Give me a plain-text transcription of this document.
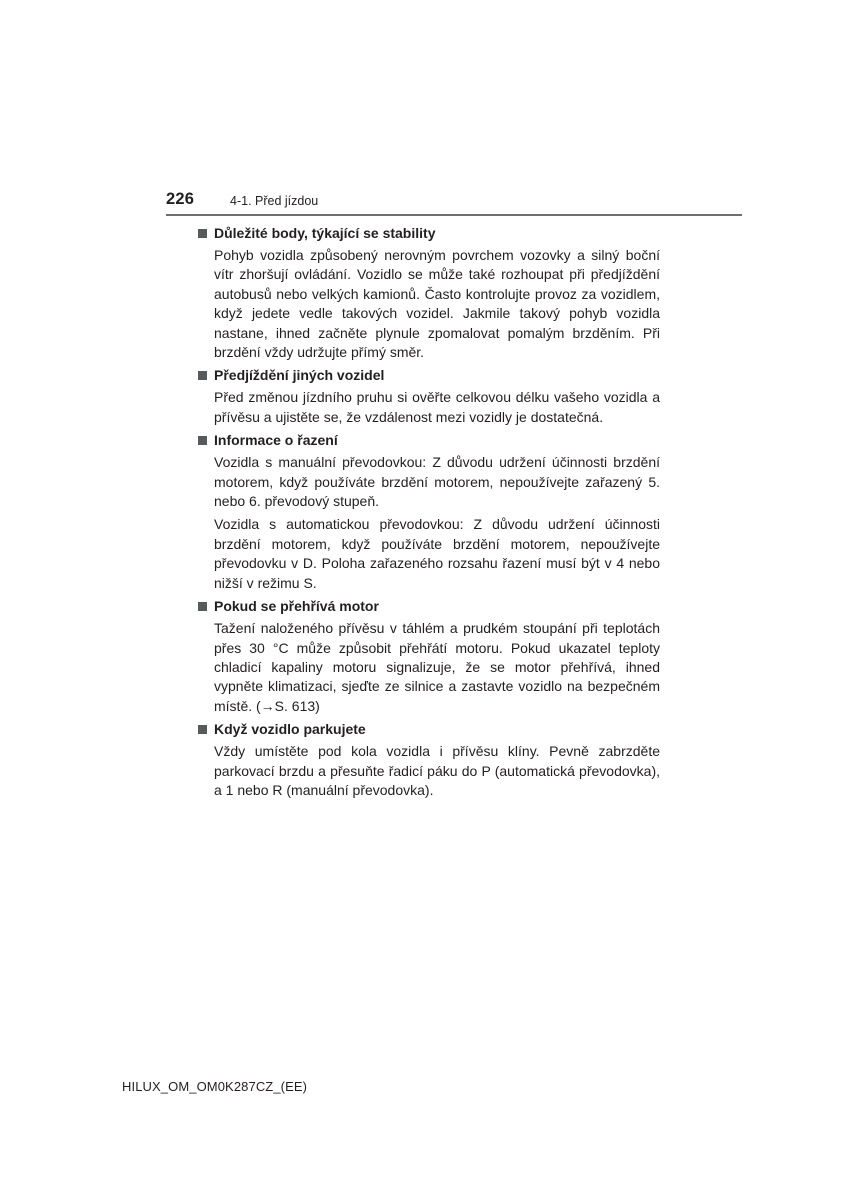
226	4-1. Před jízdou
Důležité body, týkající se stability

Pohyb vozidla způsobený nerovným povrchem vozovky a silný boční vítr zhoršují ovládání. Vozidlo se může také rozhoupat při předjíždění autobusů nebo velkých kamionů. Často kontrolujte provoz za vozidlem, když jedete vedle takových vozidel. Jakmile takový pohyb vozidla nastane, ihned začněte plynule zpomalovat pomalým brzděním. Při brzdění vždy udržujte přímý směr.

Předjíždění jiných vozidel

Před změnou jízdního pruhu si ověřte celkovou délku vašeho vozidla a přívěsu a ujistěte se, že vzdálenost mezi vozidly je dostatečná.

Informace o řazení

Vozidla s manuální převodovkou: Z důvodu udržení účinnosti brzdění motorem, když používáte brzdění motorem, nepoužívejte zařazený 5. nebo 6. převodový stupeň.

Vozidla s automatickou převodovkou: Z důvodu udržení účinnosti brzdění motorem, když používáte brzdění motorem, nepoužívejte převodovku v D. Poloha zařazeného rozsahu řazení musí být v 4 nebo nižší v režimu S.

Pokud se přehřívá motor

Tažení naloženého přívěsu v táhlém a prudkém stoupání při teplotách přes 30 °C může způsobit přehřátí motoru. Pokud ukazatel teploty chladicí kapaliny motoru signalizuje, že se motor přehřívá, ihned vypněte klimatizaci, sjeďte ze silnice a zastavte vozidlo na bezpečném místě. (→S. 613)

Když vozidlo parkujete

Vždy umístěte pod kola vozidla i přívěsu klíny. Pevně zabrzděte parkovací brzdu a přesuňte řadicí páku do P (automatická převodovka), a 1 nebo R (manuální převodovka).

HILUX_OM_OM0K287CZ_(EE)
